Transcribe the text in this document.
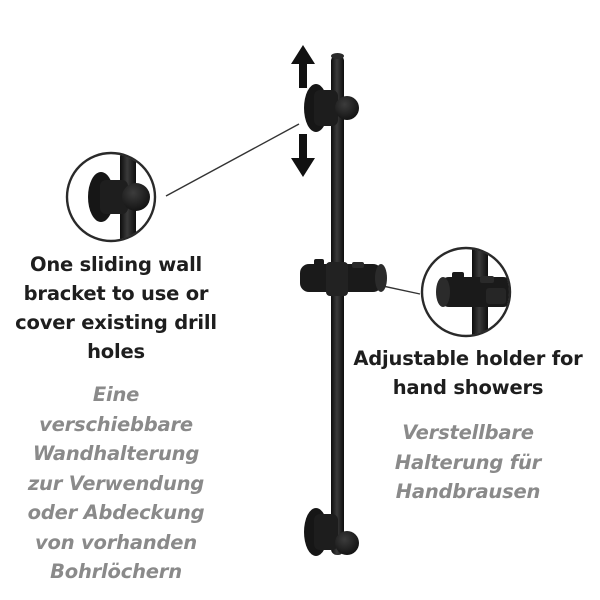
One sliding wall
bracket to use or
cover existing drill
holes
Eine
verschiebbare
Wandhalterung
zur Verwendung
oder Abdeckung
von vorhanden
Bohrlöchern
Adjustable holder for
hand showers
Verstellbare
Halterung für
Handbrausen
